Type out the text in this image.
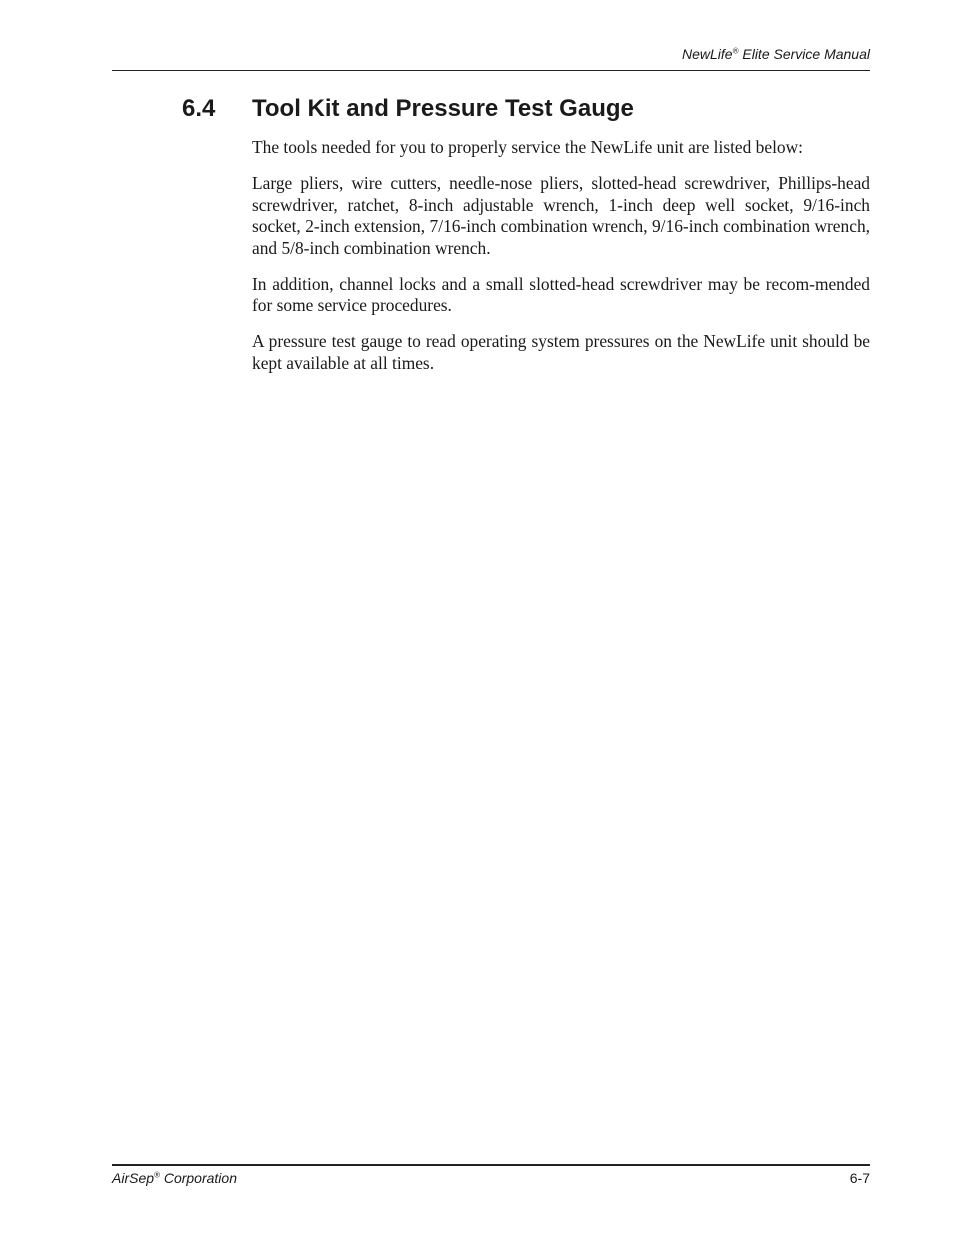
NewLife® Elite Service Manual
6.4 Tool Kit and Pressure Test Gauge

The tools needed for you to properly service the NewLife unit are listed below:

Large pliers, wire cutters, needle-nose pliers, slotted-head screwdriver, Phillips-head screwdriver, ratchet, 8-inch adjustable wrench, 1-inch deep well socket, 9/16-inch socket, 2-inch extension, 7/16-inch combination wrench, 9/16-inch combination wrench, and 5/8-inch combination wrench.

In addition, channel locks and a small slotted-head screwdriver may be recom-mended for some service procedures.

A pressure test gauge to read operating system pressures on the NewLife unit should be kept available at all times.

AirSep® Corporation	6-7
